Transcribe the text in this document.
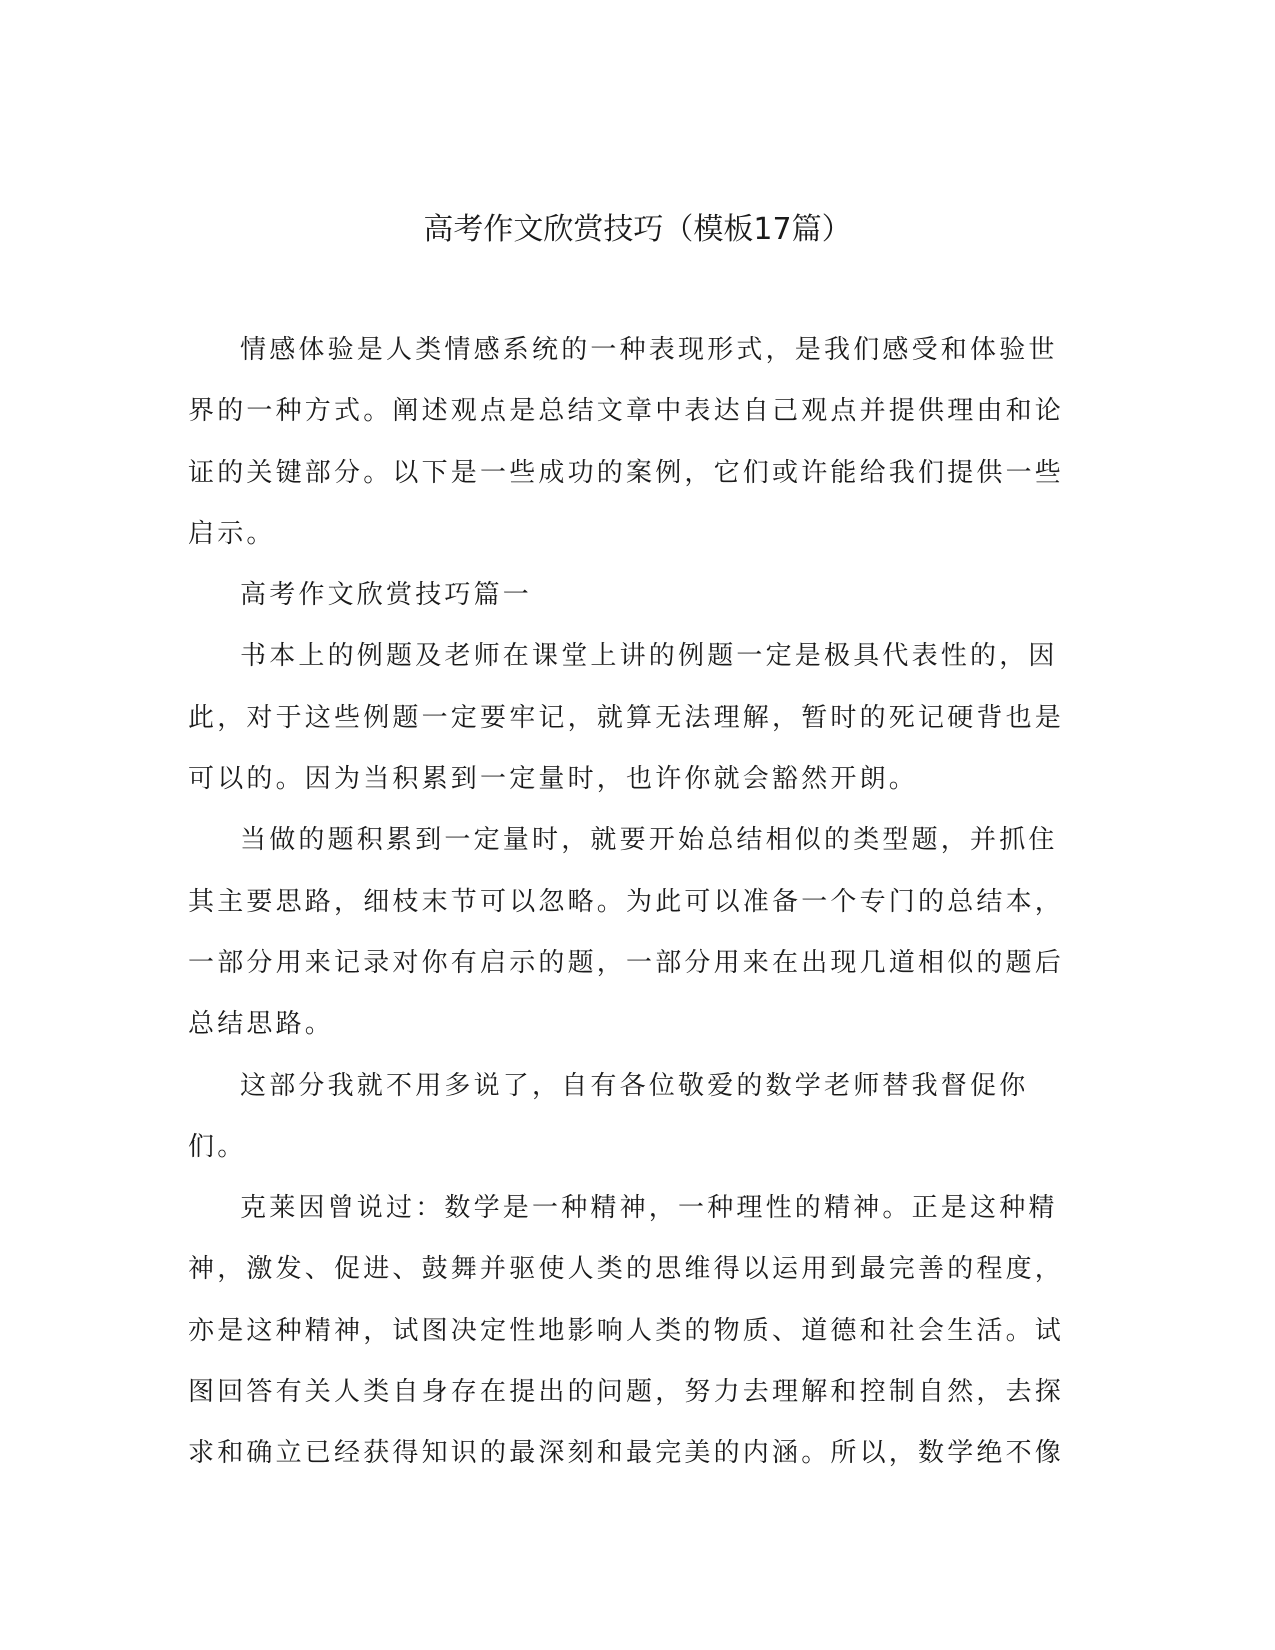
高考作文欣赏技巧（模板17篇）

情感体验是人类情感系统的一种表现形式，是我们感受和体验世界的一种方式。阐述观点是总结文章中表达自己观点并提供理由和论证的关键部分。以下是一些成功的案例，它们或许能给我们提供一些启示。

高考作文欣赏技巧篇一

书本上的例题及老师在课堂上讲的例题一定是极具代表性的，因此，对于这些例题一定要牢记，就算无法理解，暂时的死记硬背也是可以的。因为当积累到一定量时，也许你就会豁然开朗。

当做的题积累到一定量时，就要开始总结相似的类型题，并抓住其主要思路，细枝末节可以忽略。为此可以准备一个专门的总结本，一部分用来记录对你有启示的题，一部分用来在出现几道相似的题后总结思路。

这部分我就不用多说了，自有各位敬爱的数学老师替我督促你们。

克莱因曾说过：数学是一种精神，一种理性的精神。正是这种精神，激发、促进、鼓舞并驱使人类的思维得以运用到最完善的程度，亦是这种精神，试图决定性地影响人类的物质、道德和社会生活。试图回答有关人类自身存在提出的问题，努力去理解和控制自然，去探求和确立已经获得知识的最深刻和最完美的内涵。所以，数学绝不像
